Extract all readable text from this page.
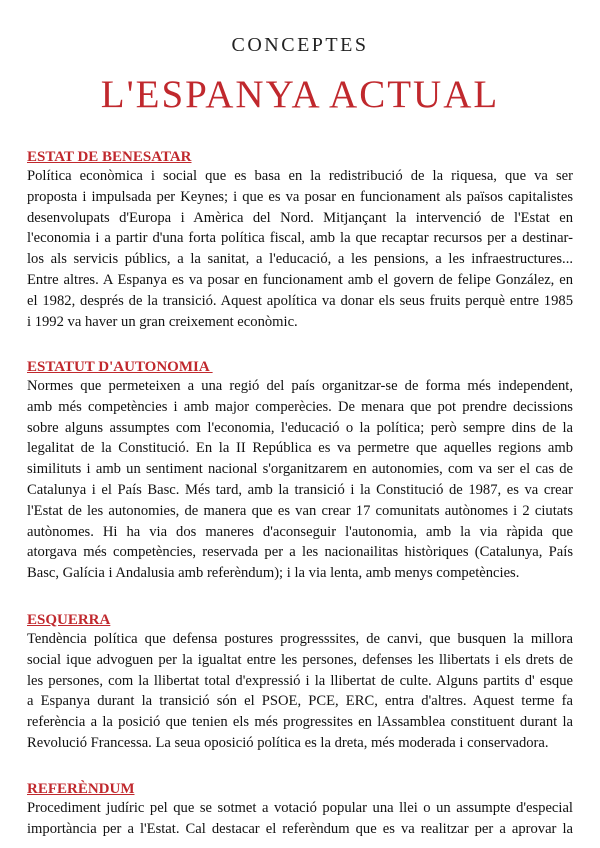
CONCEPTES
L'ESPANYA ACTUAL
ESTAT DE BENESATAR
Política econòmica i social que es basa en la redistribució de la riquesa, que va ser
proposta i impulsada per Keynes; i que es va posar en funcionament als països capitalistes
desenvolupats d'Europa i Amèrica del Nord. Mitjançant la intervenció de l'Estat en
l'economia i a partir d'una forta política fiscal, amb la que recaptar recursos per a destinar-
los als servicis públics, a la sanitat, a l'educació, a les pensions, a les infraestructures...
Entre altres. A Espanya es va posar en funcionament amb el govern de felipe González, en
el 1982, després de la transició. Aquest apolítica va donar els seus fruits perquè entre 1985
i 1992 va haver un gran creixement econòmic.
ESTATUT D'AUTONOMIA
Normes que permeteixen a una regió del país organitzar-se de forma més independent,
amb més competències i amb major comperècies. De menara que pot prendre decissions
sobre alguns assumptes com l'economia, l'educació o la política; però sempre dins de la
legalitat de la Constitució. En la II República es va permetre que aquelles regions amb
similituts i amb un sentiment nacional s'organitzarem en autonomies, com va ser el cas de
Catalunya i el País Basc. Més tard, amb la transició i la Constitució de 1987, es va crear
l'Estat de les autonomies, de manera que es van crear 17 comunitats autònomes i 2 ciutats
autònomes. Hi ha via dos maneres d'aconseguir l'autonomia, amb la via ràpida que
atorgava més competències, reservada per a les nacionailitas històriques (Catalunya, País
Basc, Galícia i Andalusia amb referèndum); i la via lenta, amb menys competències.
ESQUERRA
Tendència política que defensa postures progresssites, de canvi, que busquen la millora
social ique advoguen per la igualtat entre les persones, defenses les llibertats i els drets de
les persones, com la llibertat total d'expressió i la llibertat de culte. Alguns partits d' esque
a Espanya durant la transició són el PSOE, PCE, ERC, entra d'altres. Aquest terme fa
referència a la posició que tenien els més progressites en lAssamblea constituent durant la
Revolució Francessa. La seua oposició política es la dreta, més moderada i conservadora.
REFERÈNDUM
Procediment judíric pel que se sotmet a votació popular una llei o un assumpte d'especial
importància per a l'Estat. Cal destacar el referèndum que es va realitzar per a aprovar la
